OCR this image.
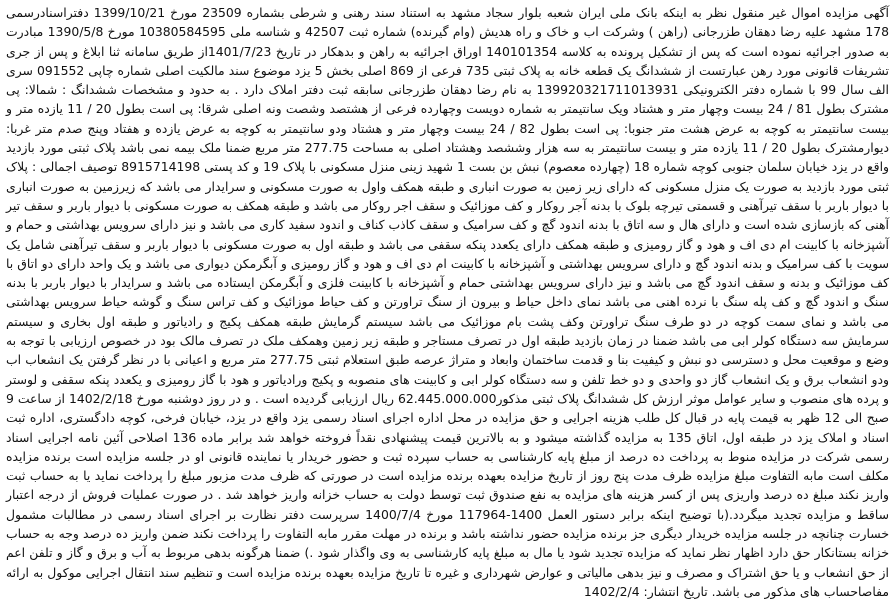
آگهی مزایده اموال غیر منقول نظر به اینکه بانک ملی ایران شعبه بلوار سجاد مشهد به استناد سند رهنی و شرطی بشماره 23509 مورخ 1399/10/21 دفتراسنادرسمی 178 مشهد علیه رضا دهقان طزرجانی (راهن ) وشرکت اب و خاک و راه هدیش (وام گیرنده) شماره ثبت 42507 و شناسه ملی 10380584595 مورخ 1390/5/8 مبادرت به صدور اجرائیه نموده است که پس از تشکیل پرونده به کلاسه 140101354 اوراق اجرائیه به راهن و بدهکار در تاریخ 1401/7/23از طریق سامانه ثنا ابلاغ و پس از جری تشریفات قانونی مورد رهن عبارتست از ششدانگ یک قطعه خانه به پلاک ثبتی 735 فرعی از 869 اصلی بخش 5 یزد موضوع سند مالکیت اصلی شماره چاپی 091552 سری الف سال 99 با شماره دفتر الکترونیکی 139920321711013931 به نام رضا دهقان طزرجانی سابقه ثبت دفتر املاک دارد . به حدود و مشخصات ششدانگ : شمالا: پی مشترک بطول 81 / 24 بیست وچهار متر و هشتاد ویک سانتیمتر به شماره دویست وچهارده فرعی از هشتصد وشصت ونه اصلی شرقا: پی است بطول 20 / 11 یازده متر و بیست سانتیمتر به کوچه به عرض هشت متر جنوبا: پی است بطول 82 / 24 بیست وچهار متر و هشتاد ودو سانتیمتر به کوچه به عرض یازده و هفتاد وپنج صدم متر غربا: دیوارمشترک بطول 20 / 11 یازده متر و بیست سانتیمتر به سه هزار وششصد وهشتاد اصلی به مساحت 277.75 متر مربع ضمنا ملک بیمه نمی باشد پلاک ثبتی مورد بازدید واقع در یزد خیابان سلمان جنوبی کوچه شماره 18 (چهارده معصوم) نبش بن بست 1 شهید زینی منزل مسکونی با پلاک 19 و کد پستی 8915714198 توصیف اجمالی : پلاک ثبتی مورد بازدید به صورت یک منزل مسکونی که دارای زیر زمین به صورت انباری و طبقه همکف واول به صورت مسکونی و سرایدار می باشد که زیرزمین به صورت انباری با دیوار باربر با سقف تیرآهنی و قسمتی تیرچه بلوک با بدنه آجر روکار و کف موزائیک و سقف اجر روکار می باشد و طبقه همکف به صورت مسکونی با دیوار باربر و سقف تیر آهنی که بازسازی شده است و دارای هال و سه اتاق با بدنه اندود گچ و کف سرامیک و سقف کاذب کناف و اندود سفید کاری می باشد و نیز دارای سرویس بهداشتی و حمام و آشپزخانه با کابینت ام دی اف و هود و گاز رومیزی و طبقه همکف دارای یکعدد پنکه سقفی می باشد و طبقه اول به صورت مسکونی با دیوار باربر و سقف تیرآهنی شامل یک سویت با کف سرامیک و بدنه اندود گچ و دارای سرویس بهداشتی و آشپزخانه با کابینت ام دی اف و هود و گاز رومیزی و آبگرمکن دیواری می باشد و یک واحد دارای دو اتاق با کف موزائیک و بدنه و سقف اندود گچ می باشد و نیز دارای سرویس بهداشتی حمام و آشپزخانه با کابینت فلزی و آبگرمکن ایستاده می باشد و سرایدار با دیوار باربر با بدنه سنگ و اندود گچ و کف پله سنگ با نرده اهنی می باشد نمای داخل حیاط و بیرون از سنگ تراورتن و کف حیاط موزائیک و کف تراس سنگ و گوشه حیاط سرویس بهداشتی می باشد و نمای سمت کوچه در دو طرف سنگ تراورتن وکف پشت بام موزائیک می باشد سیستم گرمایش طبقه همکف پکیج و رادیاتور و طبقه اول بخاری و سیستم سرمایش سه دستگاه کولر ابی می باشد ضمنا در زمان بازدید طبقه اول در تصرف مستاجر و طبقه زیر زمین وهمکف ملک در تصرف مالک بود در خصوص ارزیابی با توجه به وضع و موقعیت محل و دسترسی دو نبش و کیفیت بنا و قدمت ساختمان وابعاد و متراژ عرصه طبق استعلام ثبتی 277.75 متر مربع و اعیانی با در نظر گرفتن یک انشعاب اب ودو انشعاب برق و یک انشعاب گاز دو واحدی و دو خط تلفن و سه دستگاه کولر ابی و کابینت های منصوبه و پکیج ورادیاتور و هود با گاز رومیزی و یکعدد پنکه سقفی و لوستر و پرده های منصوب و سایر عوامل موثر ارزش کل ششدانگ پلاک ثبتی مذکور62.445.000.000 ریال ارزیابی گردیده است . و در روز دوشنبه مورخ 1402/2/18 از ساعت 9 صبح الی 12 ظهر به قیمت پایه در قبال کل طلب هزینه اجرایی و حق مزایده در محل اداره اجرای اسناد رسمی یزد واقع در یزد، خیابان فرخی، کوچه دادگستری، اداره ثبت اسناد و املاک یزد در طبقه اول، اتاق 135 به مزایده گذاشته میشود و به بالاترین قیمت پیشنهادی نقداً فروخته خواهد شد برابر ماده 136 اصلاحی آئین نامه اجرایی اسناد رسمی شرکت در مزایده منوط به پرداخت ده درصد از مبلغ پایه کارشناسی به حساب سپرده ثبت و حضور خریدار یا نماینده قانونی او در جلسه مزایده است برنده مزایده مکلف است مابه التفاوت مبلغ مزایده ظرف مدت پنج روز از تاریخ مزایده بعهده برنده مزایده است در صورتی که ظرف مدت مزبور مبلغ را پرداخت نماید یا به حساب ثبت واریز نکند مبلغ ده درصد واریزی پس از کسر هزینه های مزایده به نفع صندوق ثبت توسط دولت به حساب خزانه واریز خواهد شد . در صورت عملیات فروش از درجه اعتبار ساقط و مزایده تجدید میگردد.(با توضیح اینکه برابر دستور العمل 1400-117964 مورخ 1400/7/4 سرپرست دفتر نظارت بر اجرای اسناد رسمی در مطالبات مشمول خسارت چنانچه در جلسه مزایده خریدار دیگری جز برنده مزایده حضور نداشته باشد و برنده در مهلت مقرر مابه التفاوت را پرداخت نکند ضمن واریز ده درصد وجه به حساب خزانه بستانکار حق دارد اظهار نظر نماید که مزایده تجدید شود یا مال به مبلغ پایه کارشناسی به وی واگذار شود .) ضمنا هرگونه بدهی مربوط به آب و برق و گاز و تلفن اعم از حق انشعاب و یا حق اشتراک و مصرف و نیز بدهی مالیاتی و عوارض شهرداری و غیره تا تاریخ مزایده بعهده برنده مزایده است و تنظیم سند انتقال اجرایی موکول به ارائه مفاصاحساب های مذکور می باشد. تاریخ انتشار: 1402/2/4
